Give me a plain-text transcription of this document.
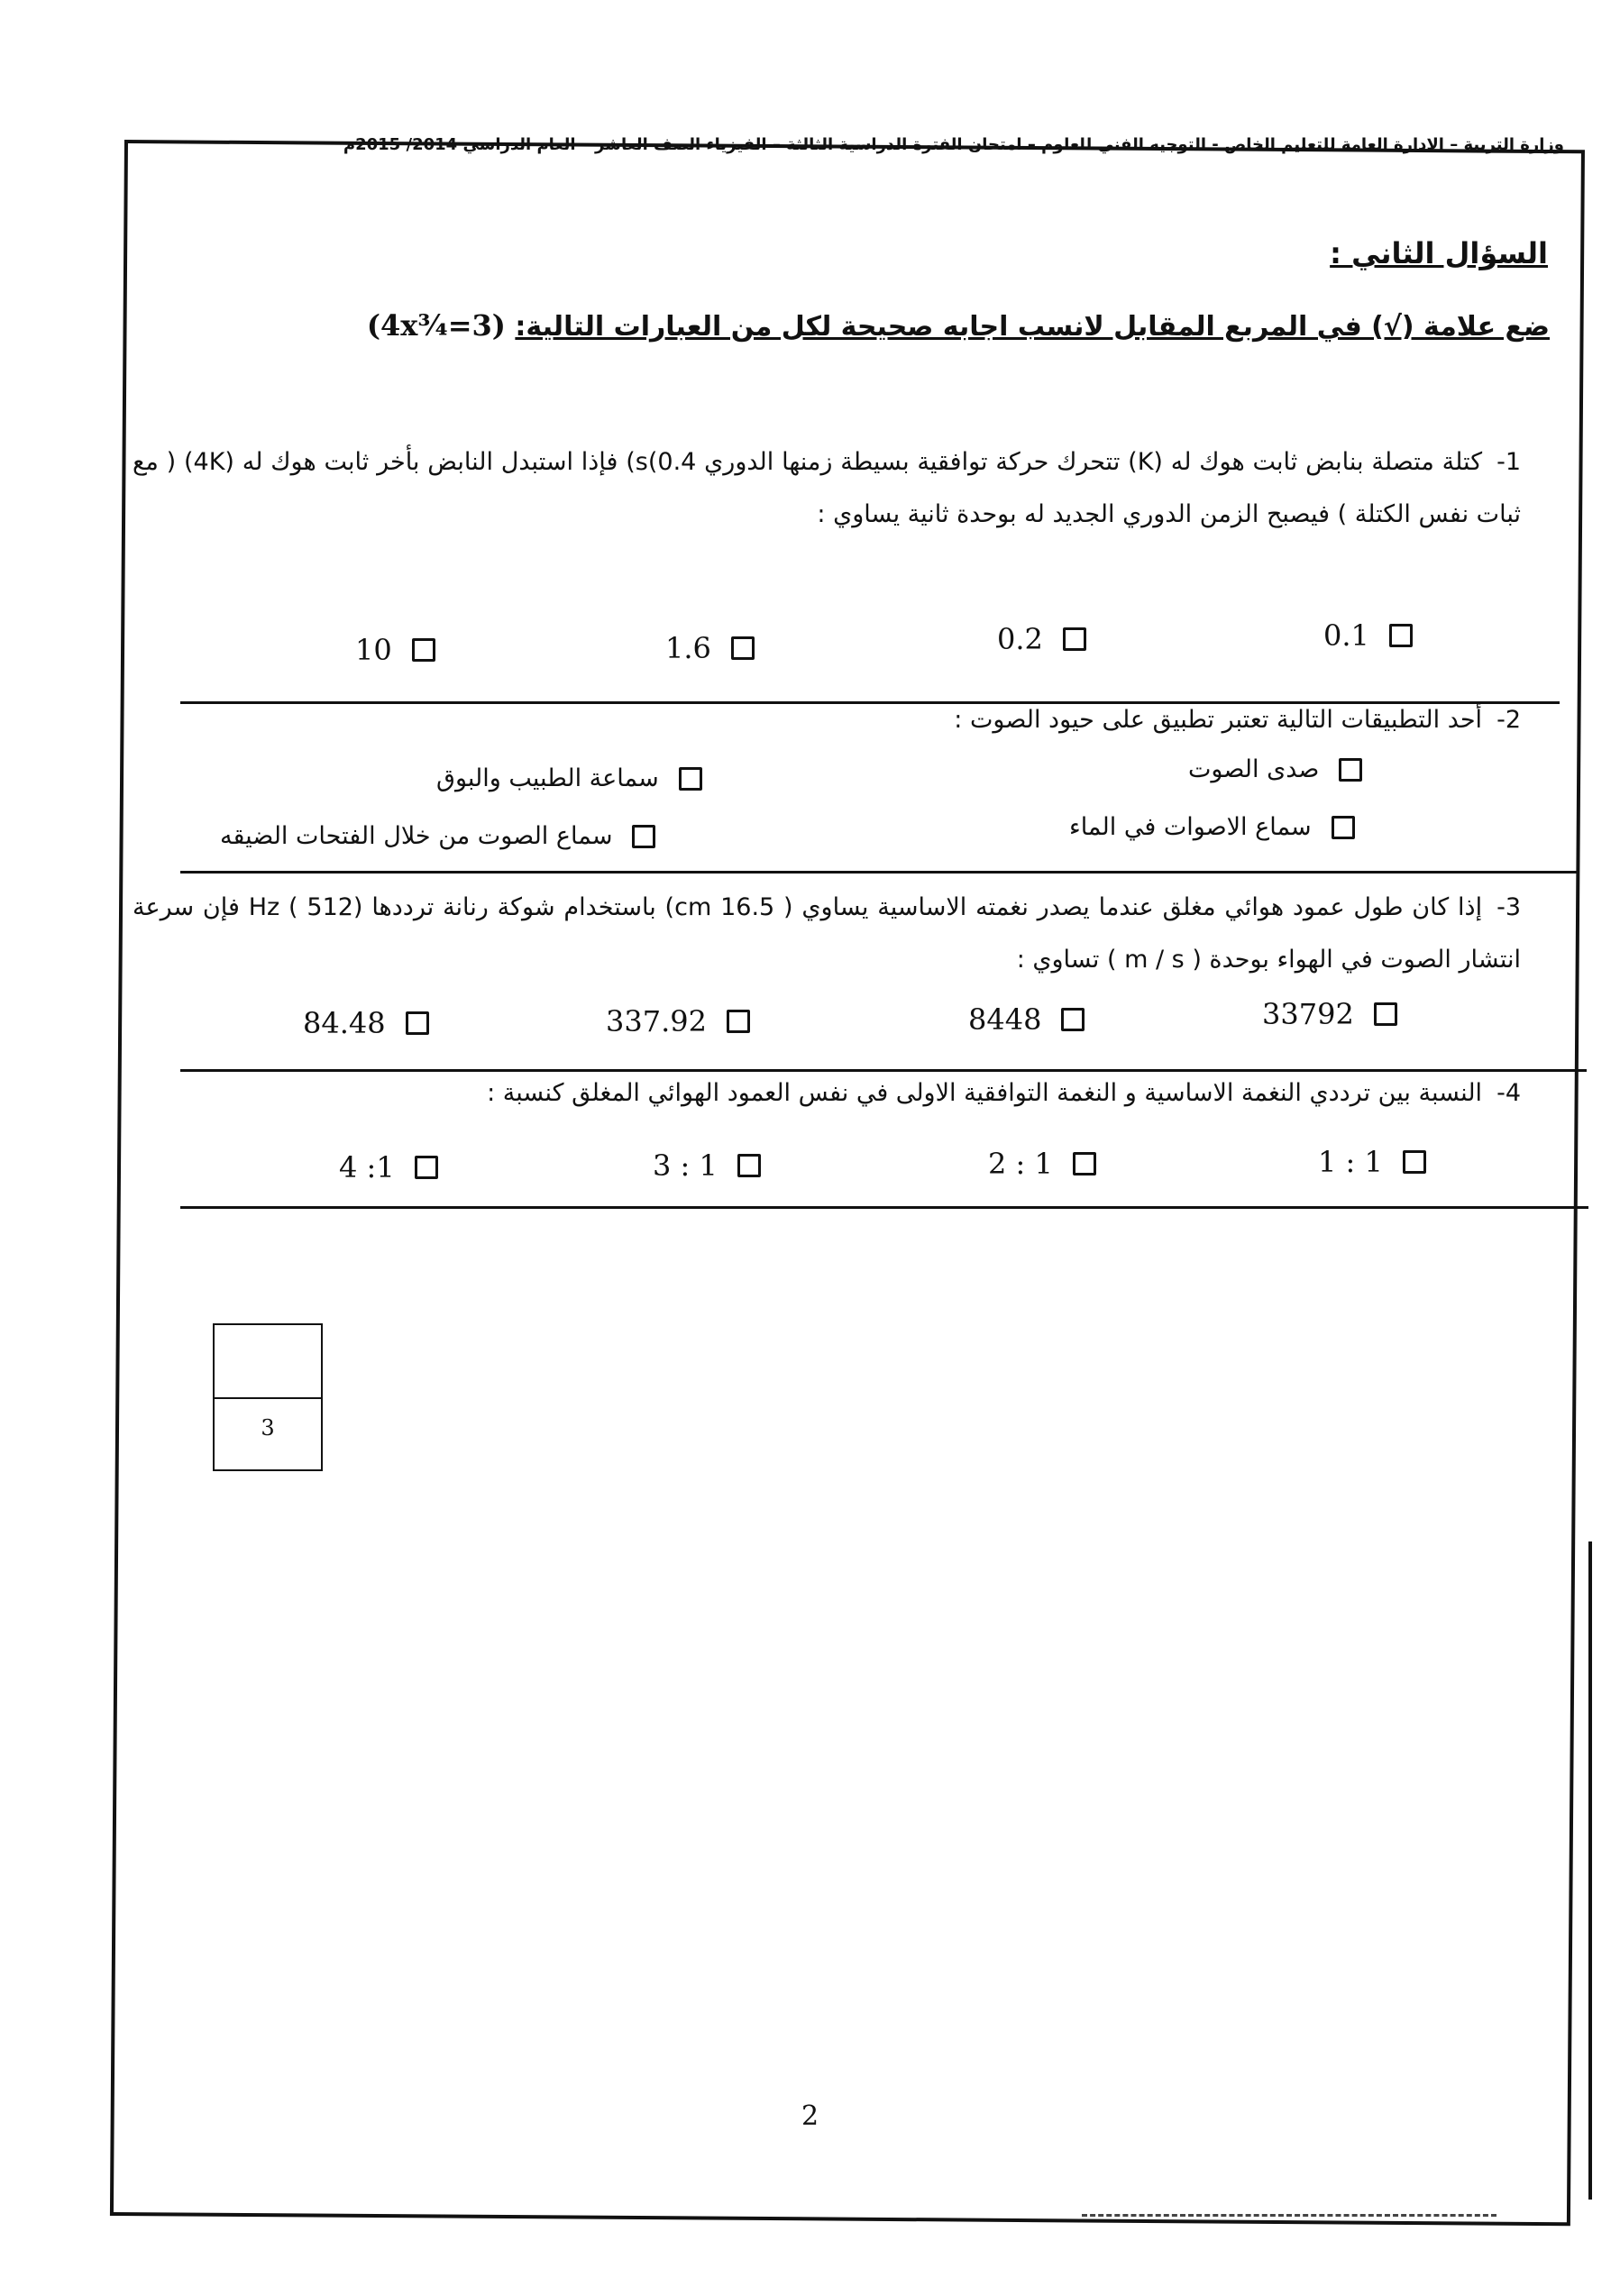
وزارة التربية – الادارة العامة للتعليم الخاص - التوجيه الفني للعلوم – امتحان الفترة الدراسية الثالثة – الفيزياء الصف العاشر – العام الدراسي 2014/ 2015م
السؤال الثاني :
ضع علامة (√) في المربع المقابل لانسب اجابه صحيحة لكل من العبارات التالية: (4x¾=3)
1-كتلة متصلة بنابض ثابت هوك له (K) تتحرك حركة توافقية بسيطة زمنها الدوري 0.4)s) فإذا استبدل النابض بأخر ثابت هوك له (4K) ( مع ثبات نفس الكتلة ) فيصبح الزمن الدوري الجديد له بوحدة ثانية يساوي :
0.1
0.2
1.6
10
2-أحد التطبيقات التالية تعتبر تطبيق على حيود الصوت :
صدى الصوت
سماعة الطبيب والبوق
سماع الاصوات في الماء
سماع الصوت من خلال الفتحات الضيقه
3-إذا كان طول عمود هوائي مغلق عندما يصدر نغمته الاساسية يساوي ( 16.5 cm) باستخدام شوكة رنانة ترددها Hz ( 512) فإن سرعة انتشار الصوت في الهواء بوحدة ( m / s ) تساوي :
33792
8448
337.92
84.48
4-النسبة بين ترددي النغمة الاساسية و النغمة التوافقية الاولى في نفس العمود الهوائي المغلق كنسبة :
1 : 1
2 : 1
3 : 1
4 :1
3
2
